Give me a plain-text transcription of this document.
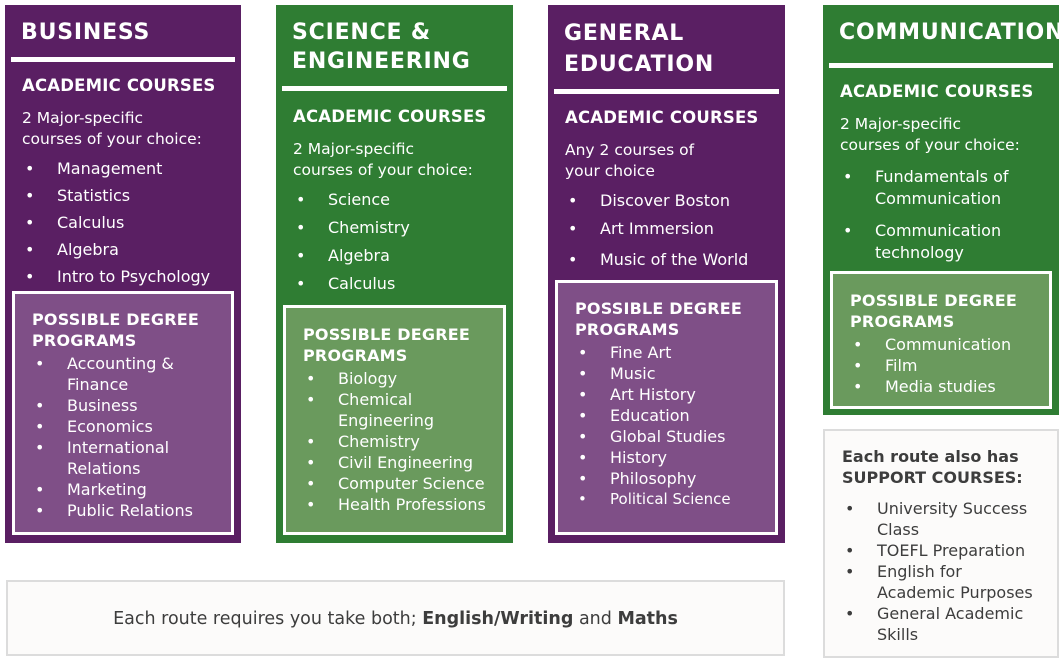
BUSINESS

ACADEMIC COURSES

2 Major-specific

courses of your choice:

• Management
• Statistics
• Calculus
• Algebra
• Intro to Psychology

POSSIBLE DEGREE

PROGRAMS

• Accounting &
Finance
• Business
• Economics
• International
Relations
• Marketing
• Public Relations

SCIENCE &

ENGINEERING

ACADEMIC COURSES

2 Major-specific

courses of your choice:

• Science
• Chemistry
• Algebra
• Calculus

POSSIBLE DEGREE

PROGRAMS

• Biology
• Chemical
Engineering
• Chemistry
• Civil Engineering
• Computer Science
• Health Professions

GENERAL

EDUCATION

ACADEMIC COURSES

Any 2 courses of

your choice

• Discover Boston
• Art Immersion
• Music of the World

POSSIBLE DEGREE

PROGRAMS

• Fine Art
• Music
• Art History
• Education
• Global Studies
• History
• Philosophy
• Political Science

COMMUNICATION

ACADEMIC COURSES

2 Major-specific

courses of your choice:

• Fundamentals of
Communication
• Communication
technology

POSSIBLE DEGREE

PROGRAMS

• Communication
• Film
• Media studies

Each route also has
SUPPORT COURSES:

• University Success
Class
• TOEFL Preparation
• English for
Academic Purposes
• General Academic
Skills

Each route requires you take both; English/Writing and Maths
